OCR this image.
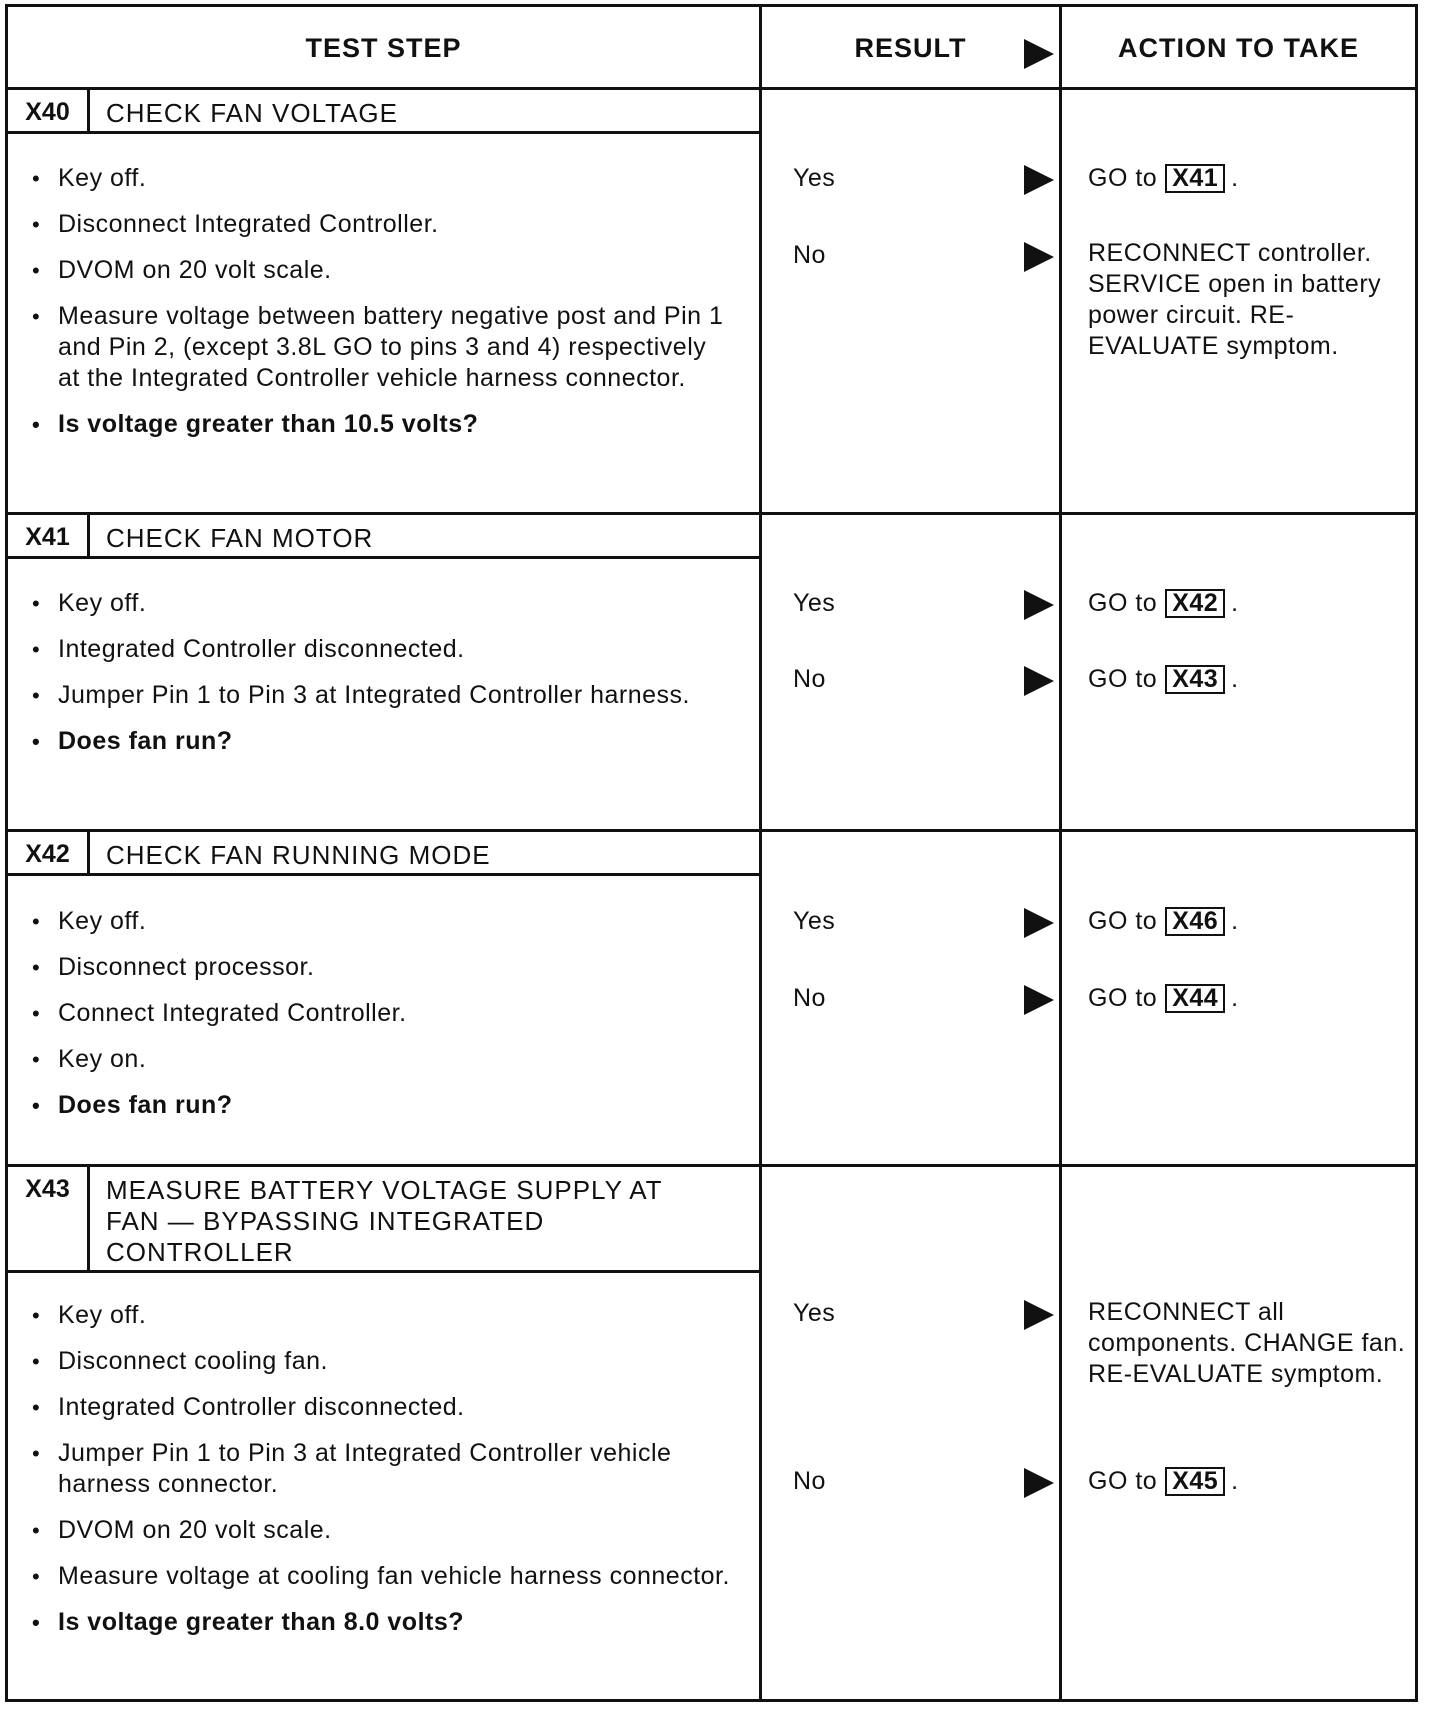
TEST STEP	RESULT	ACTION TO TAKE
X40	CHECK FAN VOLTAGE
• Key off.
• Disconnect Integrated Controller.
• DVOM on 20 volt scale.
• Measure voltage between battery negative post and Pin 1 and Pin 2, (except 3.8L GO to pins 3 and 4) respectively at the Integrated Controller vehicle harness connector.
• Is voltage greater than 10.5 volts?
Yes	GO to X41 .
No	RECONNECT controller. SERVICE open in battery power circuit. RE-EVALUATE symptom.
X41	CHECK FAN MOTOR
• Key off.
• Integrated Controller disconnected.
• Jumper Pin 1 to Pin 3 at Integrated Controller harness.
• Does fan run?
Yes	GO to X42 .
No	GO to X43 .
X42	CHECK FAN RUNNING MODE
• Key off.
• Disconnect processor.
• Connect Integrated Controller.
• Key on.
• Does fan run?
Yes	GO to X46 .
No	GO to X44 .
X43	MEASURE BATTERY VOLTAGE SUPPLY AT FAN — BYPASSING INTEGRATED CONTROLLER
• Key off.
• Disconnect cooling fan.
• Integrated Controller disconnected.
• Jumper Pin 1 to Pin 3 at Integrated Controller vehicle harness connector.
• DVOM on 20 volt scale.
• Measure voltage at cooling fan vehicle harness connector.
• Is voltage greater than 8.0 volts?
Yes	RECONNECT all components. CHANGE fan. RE-EVALUATE symptom.
No	GO to X45 .
